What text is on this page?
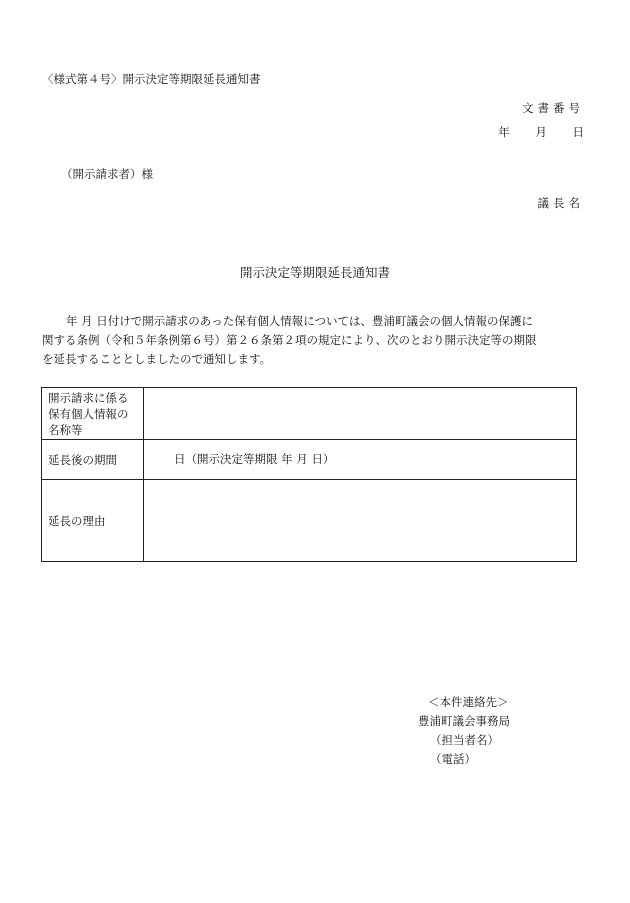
〈様式第４号〉開示決定等期限延長通知書
文書番号
年 月 日
（開示請求者）様
議長名
開示決定等期限延長通知書
年 月 日付けで開示請求のあった保有個人情報については、豊浦町議会の個人情報の保護に
関する条例（令和５年条例第６号）第２６条第２項の規定により、次のとおり開示決定等の期限
を延長することとしましたので通知します。
開示請求に係る
保有個人情報の
名称等	

延長後の期間	日（開示決定等期限 年 月 日）

延長の理由	

＜本件連絡先＞
豊浦町議会事務局
（担当者名）
（電話）
